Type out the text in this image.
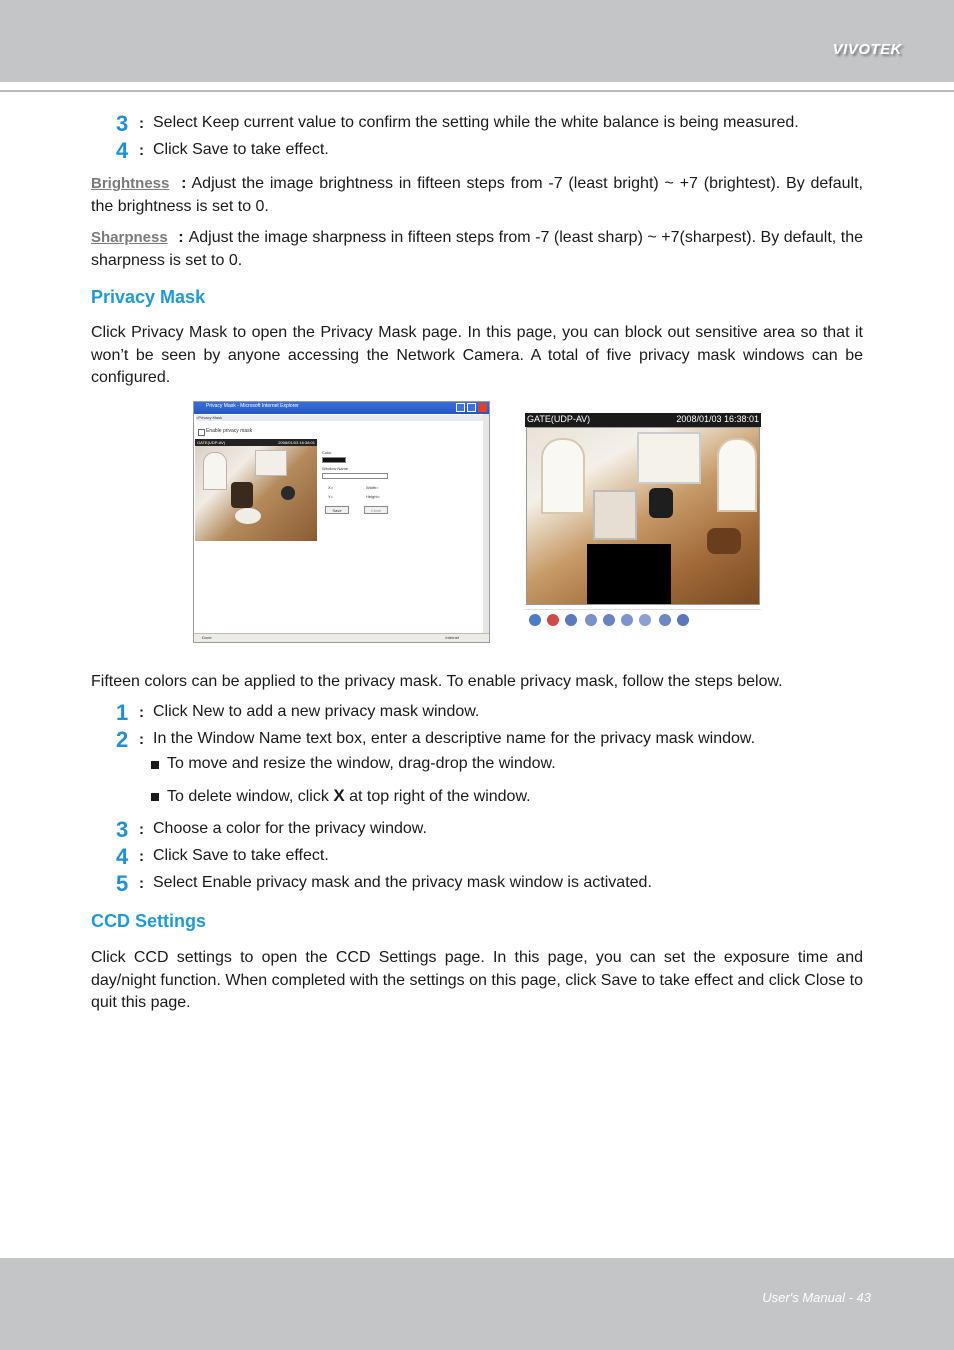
VIVOTEK
3 : Select Keep current value to confirm the setting while the white balance is being measured.
4 : Click Save to take effect.
Brightness : Adjust the image brightness in fifteen steps from -7 (least bright) ~ +7 (brightest). By default, the brightness is set to 0.
Sharpness : Adjust the image sharpness in fifteen steps from -7 (least sharp) ~ +7(sharpest). By default, the sharpness is set to 0.
Privacy Mask
Click Privacy Mask to open the Privacy Mask page. In this page, you can block out sensitive area so that it won’t be seen by anyone accessing the Network Camera. A total of five privacy mask windows can be configured.
Privacy Mask - Microsoft Internet Explorer
>Privacy Mask
Enable privacy mask
GATE(UDP-AV)	2008/01/03 16:38:01
Color
Window Name
X=	Width=
Y=	Height=
Save	Close
Done	Internet
GATE(UDP-AV)	2008/01/03 16:38:01
Fifteen colors can be applied to the privacy mask. To enable privacy mask, follow the steps below.
1 : Click New to add a new privacy mask window.
2 : In the Window Name text box, enter a descriptive name for the privacy mask window.
To move and resize the window, drag-drop the window.
To delete window, click X at top right of the window.
3 : Choose a color for the privacy window.
4 : Click Save to take effect.
5 : Select Enable privacy mask and the privacy mask window is activated.
CCD Settings
Click CCD settings to open the CCD Settings page. In this page, you can set the exposure time and day/night function. When completed with the settings on this page, click Save to take effect and click Close to quit this page.
User's Manual - 43
